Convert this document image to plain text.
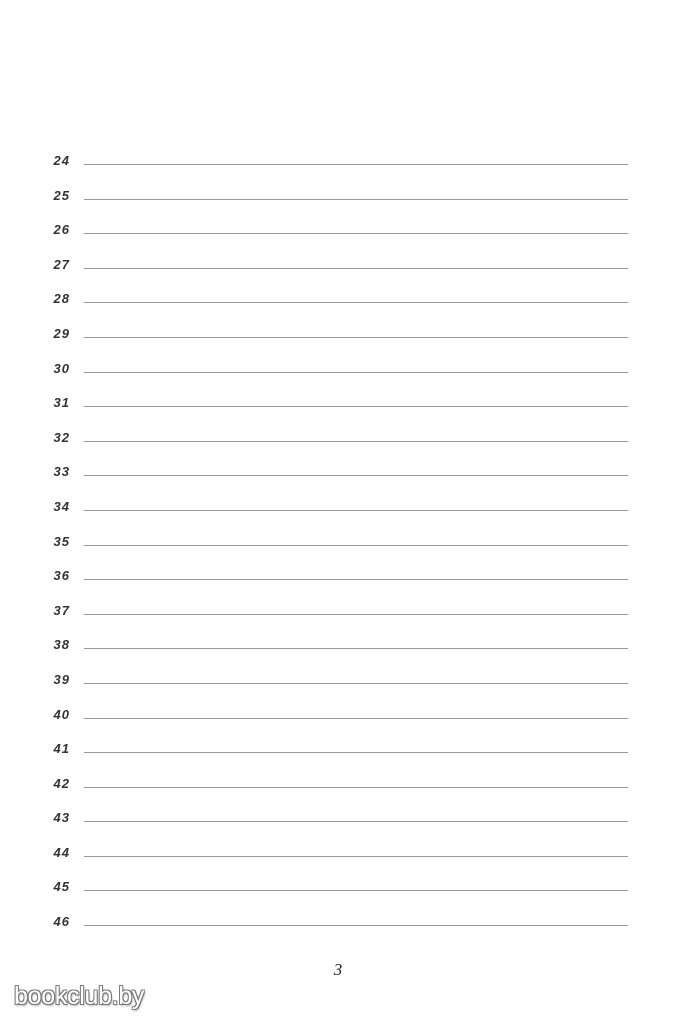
24
25
26
27
28
29
30
31
32
33
34
35
36
37
38
39
40
41
42
43
44
45
46
3
bookclub.by
